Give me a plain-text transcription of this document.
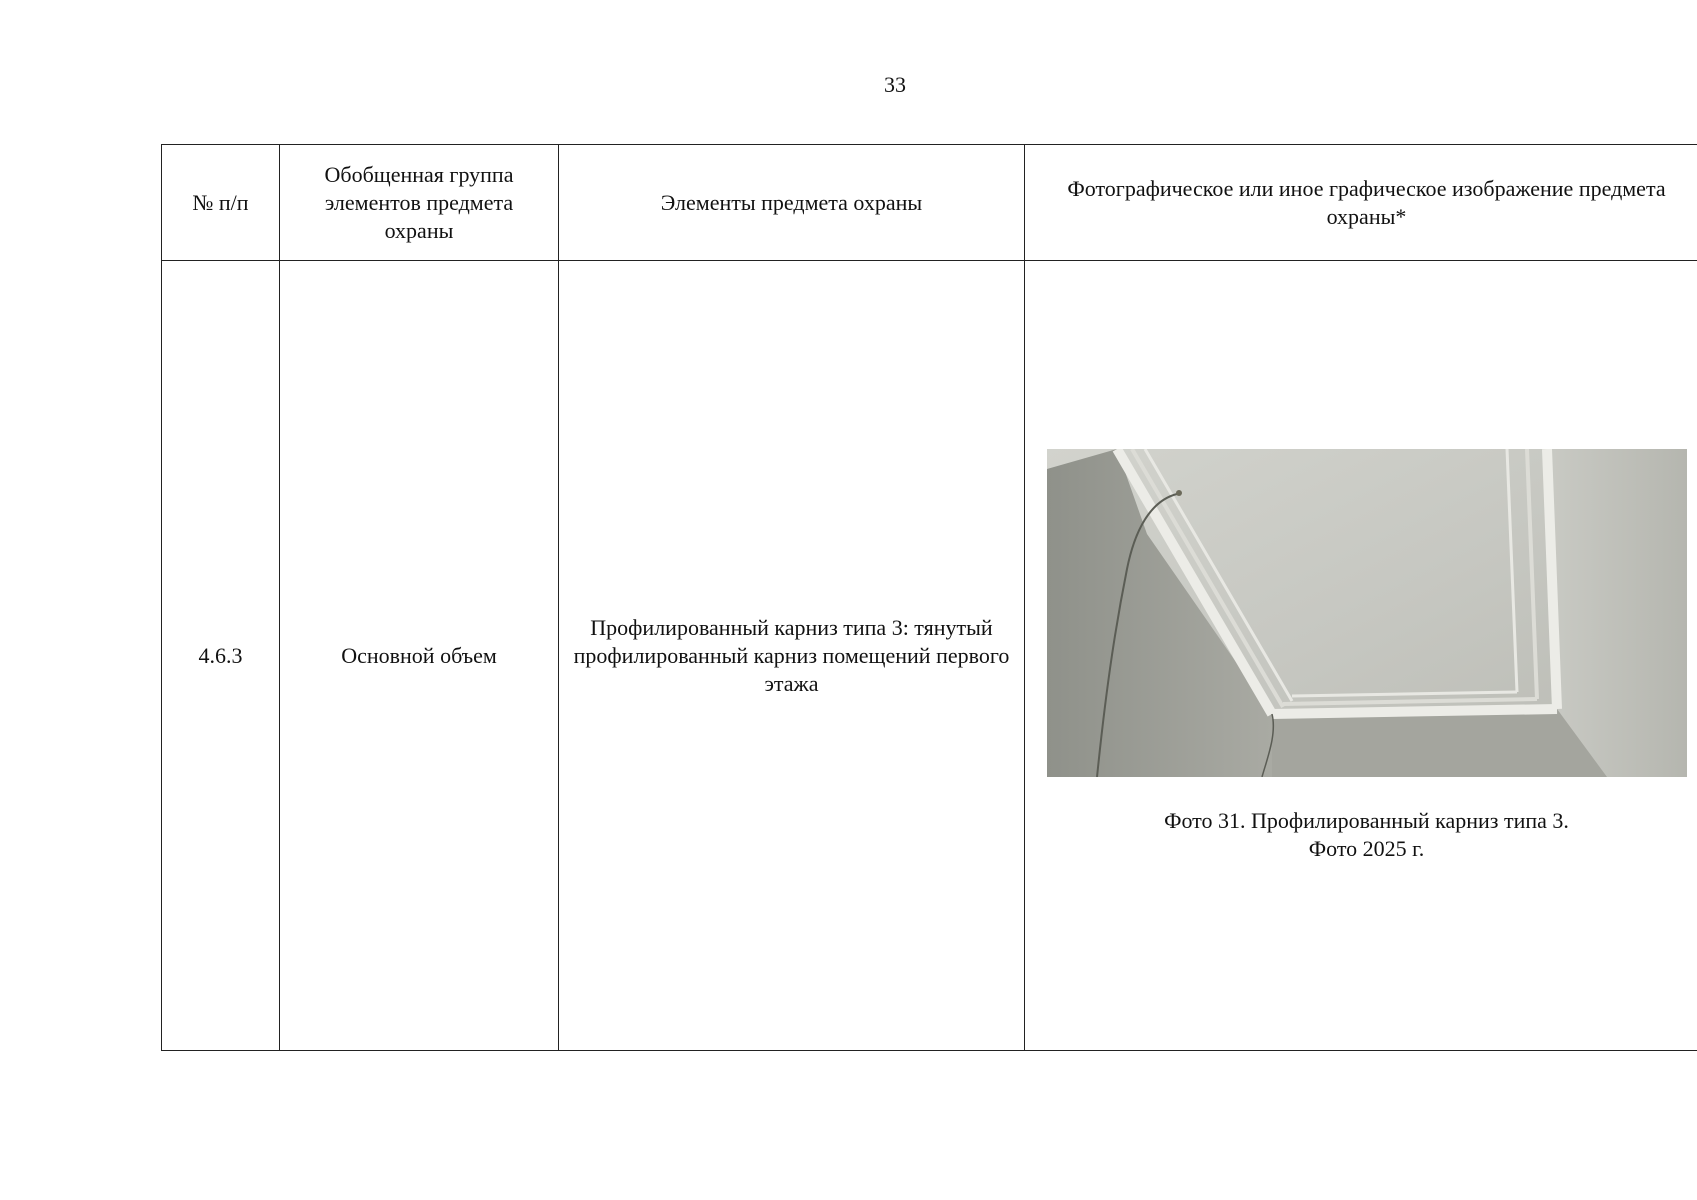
33
№ п/п	Обобщенная группа элементов предмета охраны	Элементы предмета охраны	Фотографическое или иное графическое изображение предмета охраны*
4.6.3	Основной объем	Профилированный карниз типа 3: тянутый профилированный карниз помещений первого этажа	Фото 31. Профилированный карниз типа 3.
Фото 2025 г.
